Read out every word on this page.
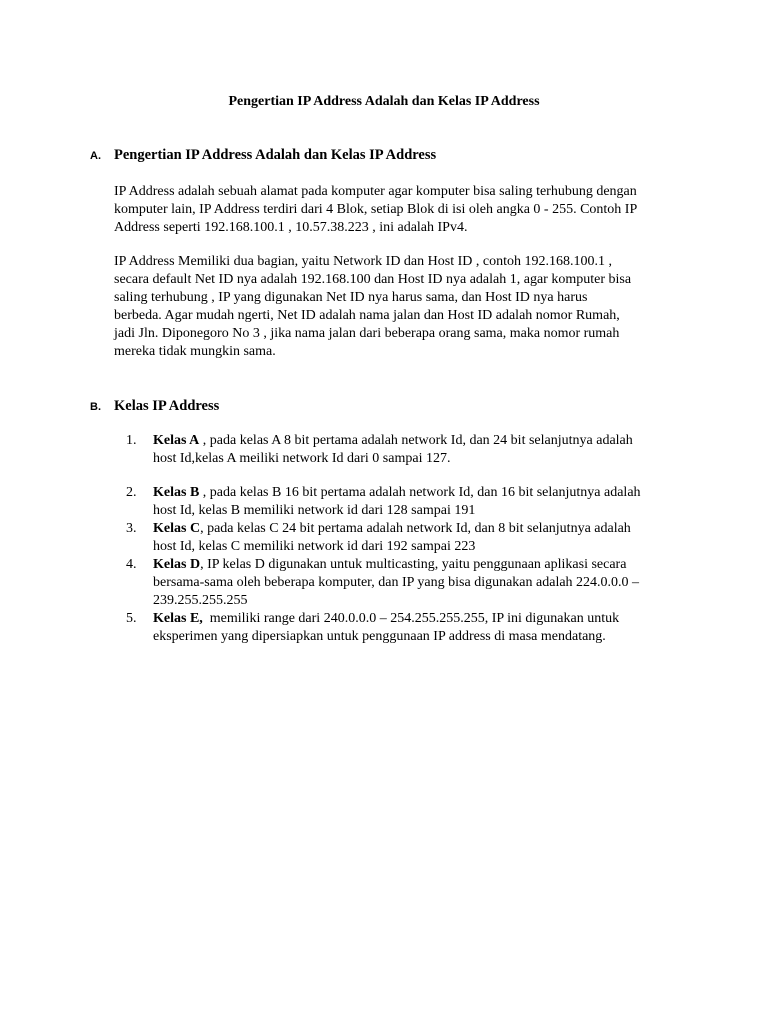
Pengertian IP Address Adalah dan Kelas IP Address
A. Pengertian IP Address Adalah dan Kelas IP Address
IP Address adalah sebuah alamat pada komputer agar komputer bisa saling terhubung dengan
komputer lain, IP Address terdiri dari 4 Blok, setiap Blok di isi oleh angka 0 - 255. Contoh IP
Address seperti 192.168.100.1 , 10.57.38.223 , ini adalah IPv4.
IP Address Memiliki dua bagian, yaitu Network ID dan Host ID , contoh 192.168.100.1 ,
secara default Net ID nya adalah 192.168.100 dan Host ID nya adalah 1, agar komputer bisa
saling terhubung , IP yang digunakan Net ID nya harus sama, dan Host ID nya harus
berbeda. Agar mudah ngerti, Net ID adalah nama jalan dan Host ID adalah nomor Rumah,
jadi Jln. Diponegoro No 3 , jika nama jalan dari beberapa orang sama, maka nomor rumah
mereka tidak mungkin sama.
B. Kelas IP Address
1. Kelas A , pada kelas A 8 bit pertama adalah network Id, dan 24 bit selanjutnya adalah
host Id,kelas A meiliki network Id dari 0 sampai 127.
2. Kelas B , pada kelas B 16 bit pertama adalah network Id, dan 16 bit selanjutnya adalah
host Id, kelas B memiliki network id dari 128 sampai 191
3. Kelas C, pada kelas C 24 bit pertama adalah network Id, dan 8 bit selanjutnya adalah
host Id, kelas C memiliki network id dari 192 sampai 223
4. Kelas D, IP kelas D digunakan untuk multicasting, yaitu penggunaan aplikasi secara
bersama-sama oleh beberapa komputer, dan IP yang bisa digunakan adalah 224.0.0.0 –
239.255.255.255
5. Kelas E,  memiliki range dari 240.0.0.0 – 254.255.255.255, IP ini digunakan untuk
eksperimen yang dipersiapkan untuk penggunaan IP address di masa mendatang.
